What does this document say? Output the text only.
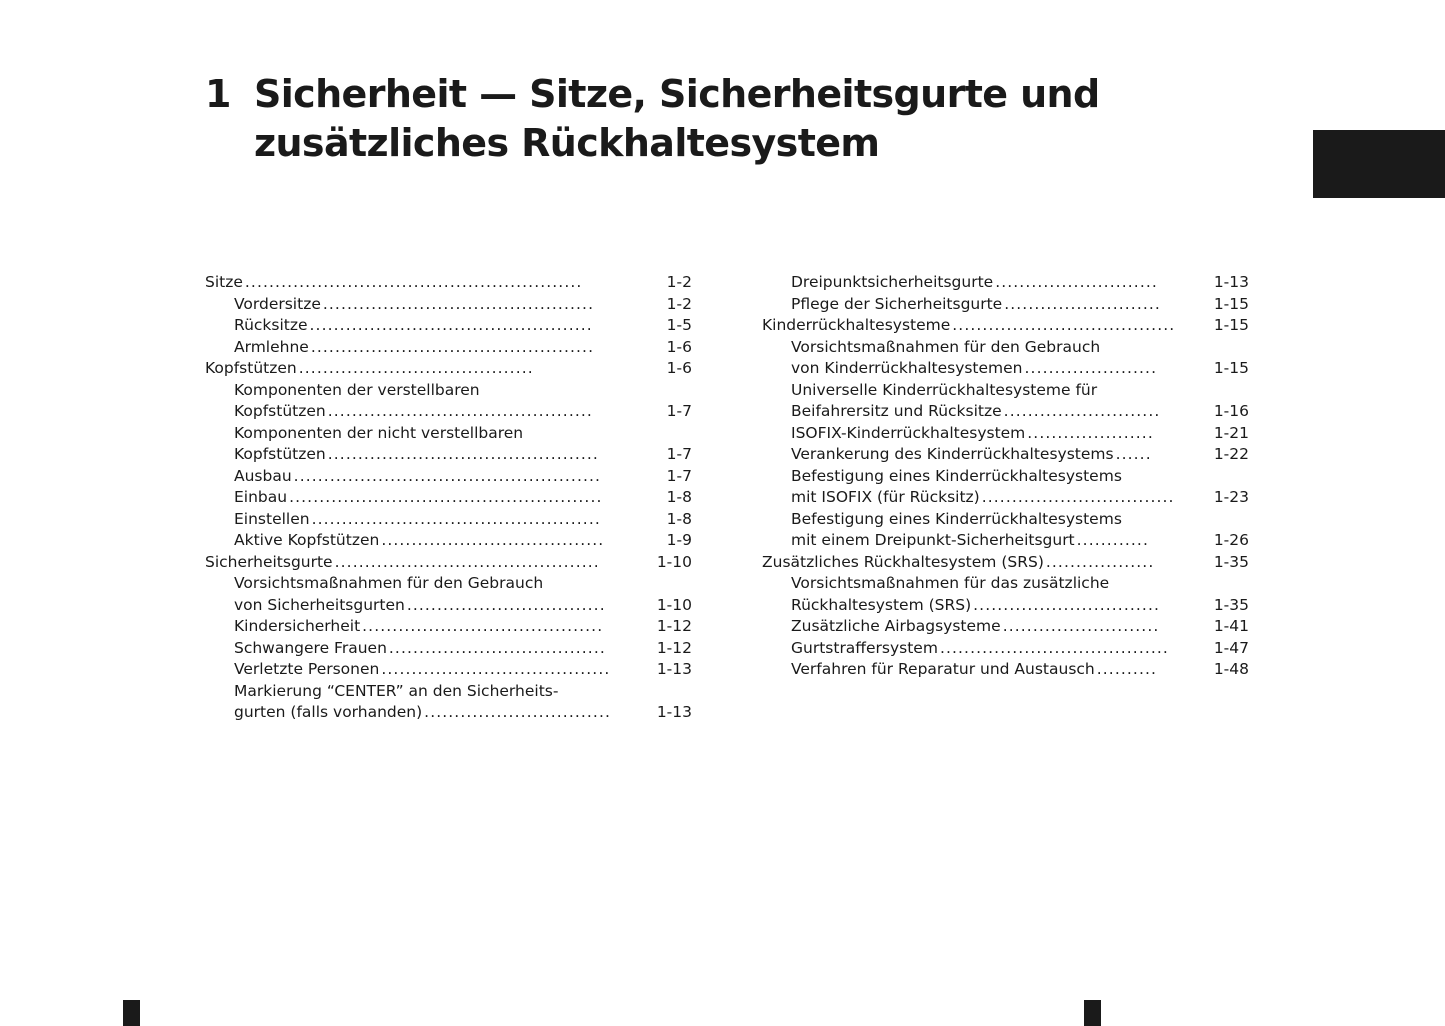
1 Sicherheit — Sitze, Sicherheitsgurte und zusätzliches Rückhaltesystem
Sitze ........................................................	1-2
Vordersitze .............................................	1-2
Rücksitze ...............................................	1-5
Armlehne ...............................................	1-6
Kopfstützen .......................................	1-6
Komponenten der verstellbaren
Kopfstützen ............................................	1-7
Komponenten der nicht verstellbaren
Kopfstützen .............................................	1-7
Ausbau ...................................................	1-7
Einbau ....................................................	1-8
Einstellen ................................................	1-8
Aktive Kopfstützen .....................................	1-9
Sicherheitsgurte ............................................	1-10
Vorsichtsmaßnahmen für den Gebrauch
von Sicherheitsgurten .................................	1-10
Kindersicherheit ........................................	1-12
Schwangere Frauen ....................................	1-12
Verletzte Personen ......................................	1-13
Markierung “CENTER” an den Sicherheits-
gurten (falls vorhanden) ...............................	1-13
Dreipunktsicherheitsgurte ...........................	1-13
Pflege der Sicherheitsgurte ..........................	1-15
Kinderrückhaltesysteme .....................................	1-15
Vorsichtsmaßnahmen für den Gebrauch
von Kinderrückhaltesystemen ......................	1-15
Universelle Kinderrückhaltesysteme für
Beifahrersitz und Rücksitze ..........................	1-16
ISOFIX-Kinderrückhaltesystem .....................	1-21
Verankerung des Kinderrückhaltesystems ......	1-22
Befestigung eines Kinderrückhaltesystems
mit ISOFIX (für Rücksitz) ................................	1-23
Befestigung eines Kinderrückhaltesystems
mit einem Dreipunkt-Sicherheitsgurt ............	1-26
Zusätzliches Rückhaltesystem (SRS) ..................	1-35
Vorsichtsmaßnahmen für das zusätzliche
Rückhaltesystem (SRS) ...............................	1-35
Zusätzliche Airbagsysteme ..........................	1-41
Gurtstraffersystem ......................................	1-47
Verfahren für Reparatur und Austausch ..........	1-48
